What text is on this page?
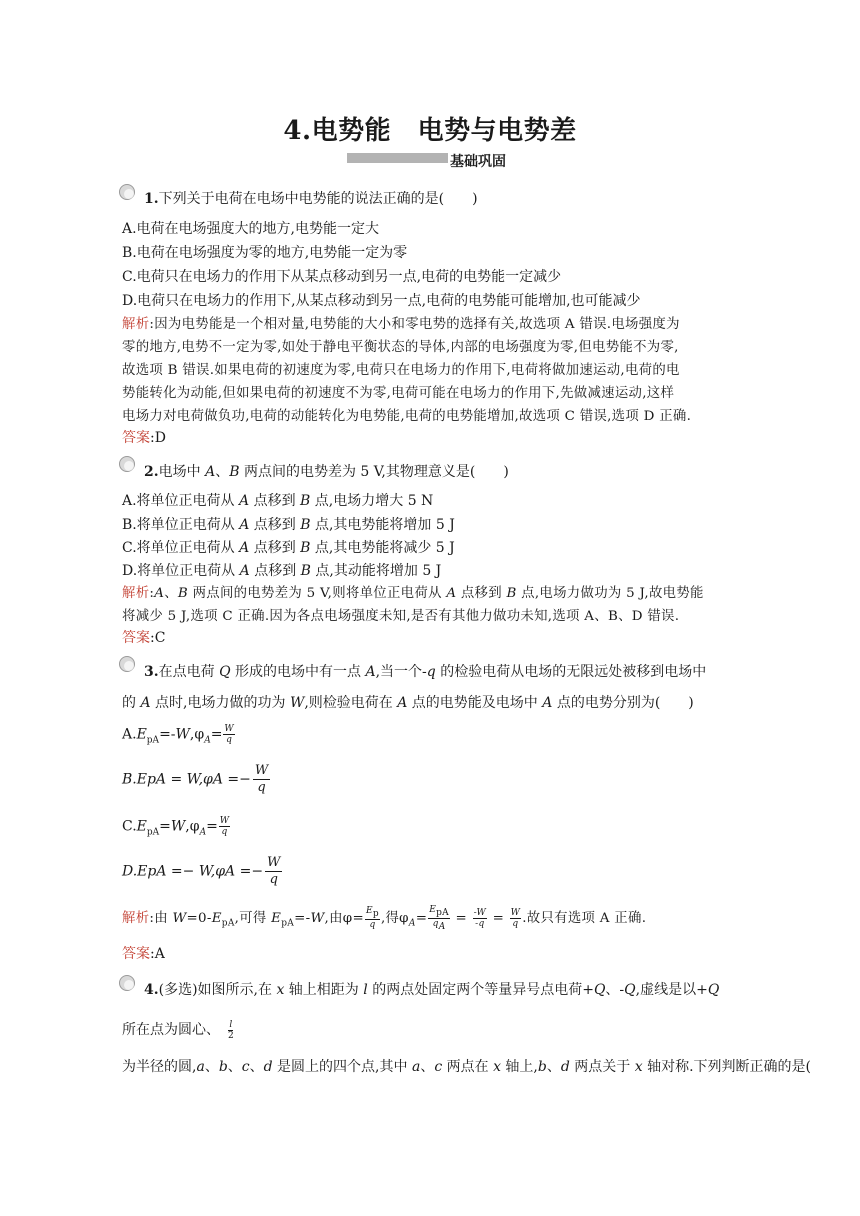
4.电势能　电势与电势差
基础巩固
1.下列关于电荷在电场中电势能的说法正确的是(　　)
A.电荷在电场强度大的地方,电势能一定大
B.电荷在电场强度为零的地方,电势能一定为零
C.电荷只在电场力的作用下从某点移动到另一点,电荷的电势能一定减少
D.电荷只在电场力的作用下,从某点移动到另一点,电荷的电势能可能增加,也可能减少
解析:因为电势能是一个相对量,电势能的大小和零电势的选择有关,故选项 A 错误.电场强度为
零的地方,电势不一定为零,如处于静电平衡状态的导体,内部的电场强度为零,但电势能不为零,
故选项 B 错误.如果电荷的初速度为零,电荷只在电场力的作用下,电荷将做加速运动,电荷的电
势能转化为动能,但如果电荷的初速度不为零,电荷可能在电场力的作用下,先做减速运动,这样
电场力对电荷做负功,电荷的动能转化为电势能,电荷的电势能增加,故选项 C 错误,选项 D 正确.
答案:D
2.电场中 A、B 两点间的电势差为 5 V,其物理意义是(　　)
A.将单位正电荷从 A 点移到 B 点,电场力增大 5 N
B.将单位正电荷从 A 点移到 B 点,其电势能将增加 5 J
C.将单位正电荷从 A 点移到 B 点,其电势能将减少 5 J
D.将单位正电荷从 A 点移到 B 点,其动能将增加 5 J
解析:A、B 两点间的电势差为 5 V,则将单位正电荷从 A 点移到 B 点,电场力做功为 5 J,故电势能
将减少 5 J,选项 C 正确.因为各点电场强度未知,是否有其他力做功未知,选项 A、B、D 错误.
答案:C
3.在点电荷 Q 形成的电场中有一点 A,当一个-q 的检验电荷从电场的无限远处被移到电场中
的 A 点时,电场力做的功为 W,则检验电荷在 A 点的电势能及电场中 A 点的电势分别为(　　)
$A.E_{pA}=-W,\varphi_A= \frac{W}{q}$
$B.EpA = W,\varphi A =- \frac{W}{q}$
$C.E_{pA}=W,\varphi_A= \frac{W}{q}$
$D.EpA =- W,\varphi A =- \frac{W}{q}$
解析:由 $W=0-E_{pA}$,可得 $E_{pA}=-W$,由$\varphi= \frac{E_p}{q}$ ,得$\varphi_A= \frac{E_{pA}}{q_A} = \frac{-W}{-q} = \frac{W}{q}$ .故只有选项 A 正确.
答案:A
4.(多选)如图所示,在 x 轴上相距为 l 的两点处固定两个等量异号点电荷+Q、-Q,虚线是以+Q
所在点为圆心、 $\frac{l}{2}$
为半径的圆,a、b、c、d 是圆上的四个点,其中 a、c 两点在 x 轴上,b、d 两点关于 x 轴对称.下列判断正确的是(
